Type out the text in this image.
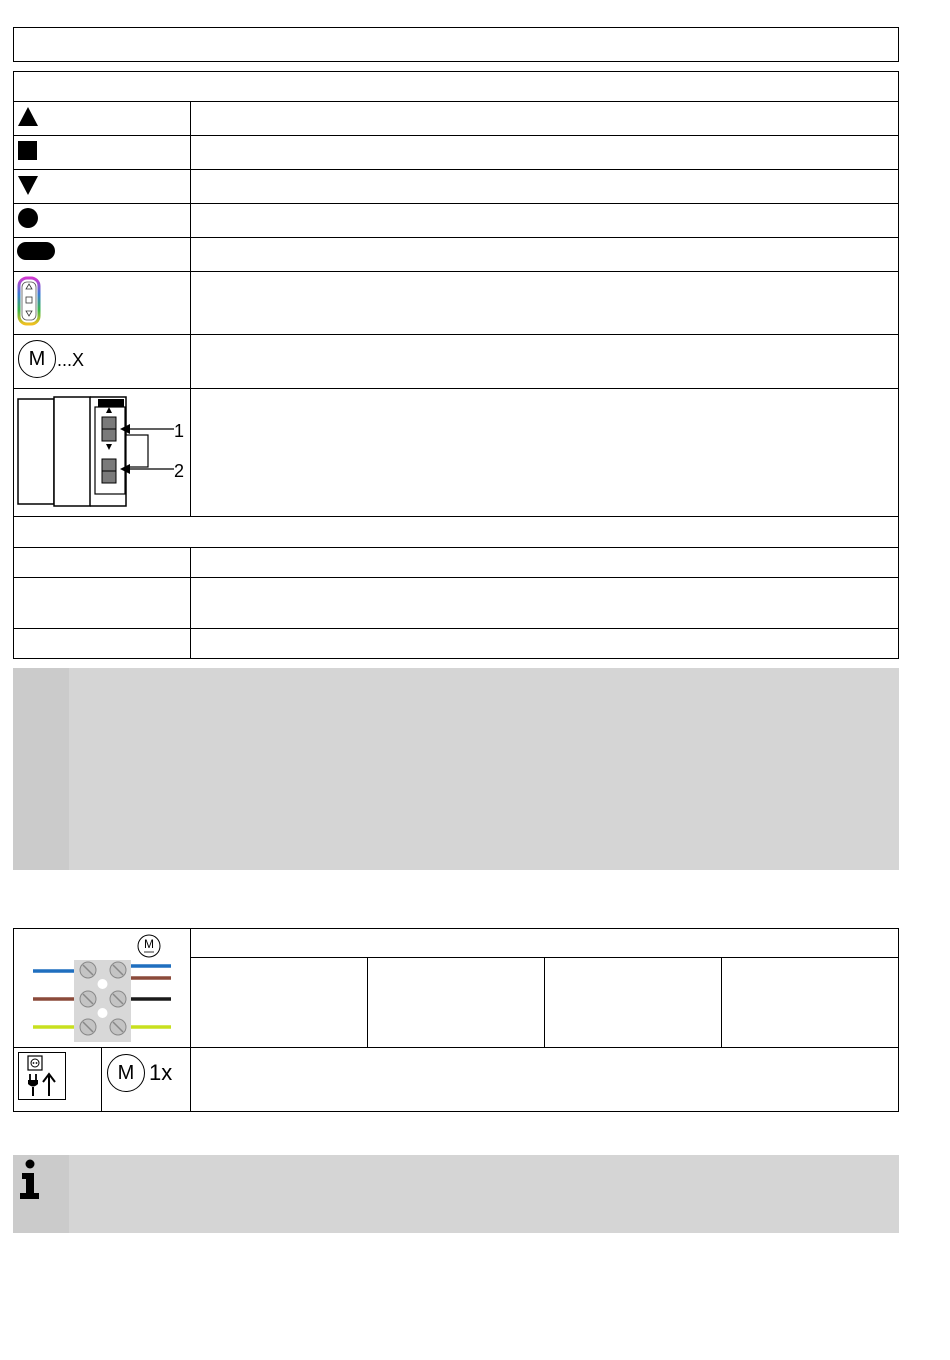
M ...X
1
2
M
M 1x
